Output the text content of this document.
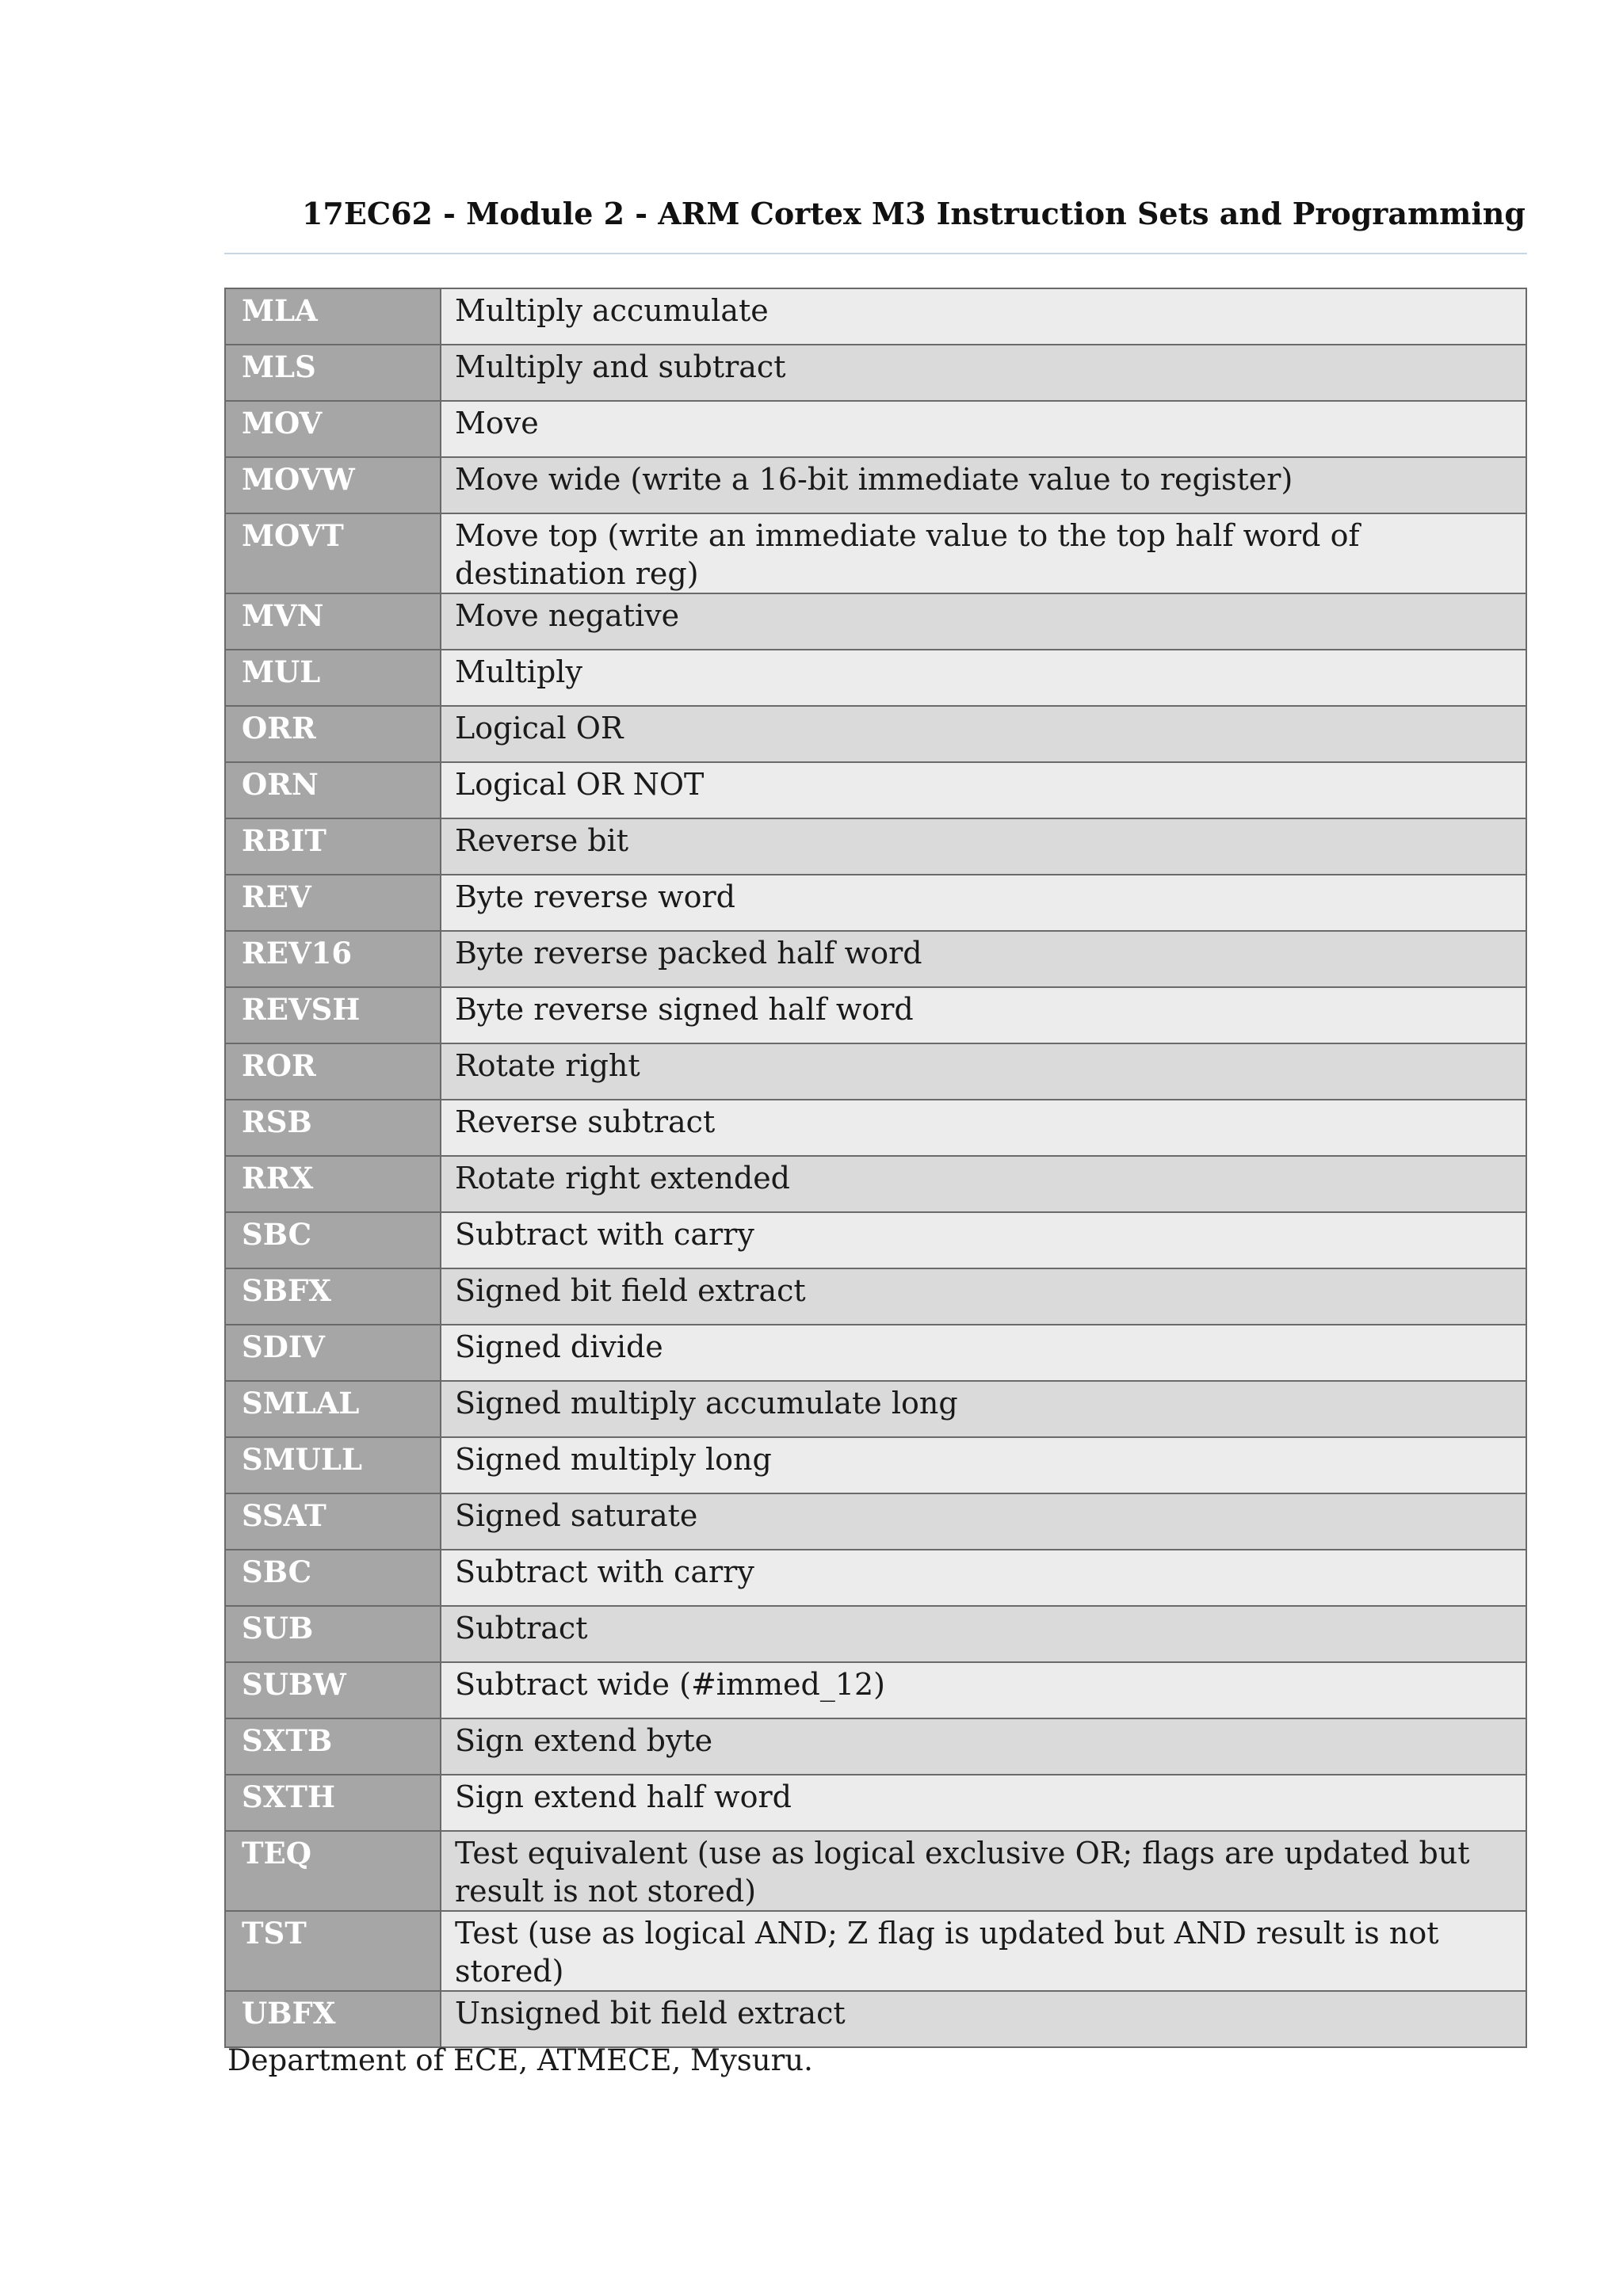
17EC62 - Module 2 - ARM Cortex M3 Instruction Sets and Programming
MLA	Multiply accumulate
MLS	Multiply and subtract
MOV	Move
MOVW	Move wide (write a 16-bit immediate value to register)
MOVT	Move top (write an immediate value to the top half word of destination reg)
MVN	Move negative
MUL	Multiply
ORR	Logical OR
ORN	Logical OR NOT
RBIT	Reverse bit
REV	Byte reverse word
REV16	Byte reverse packed half word
REVSH	Byte reverse signed half word
ROR	Rotate right
RSB	Reverse subtract
RRX	Rotate right extended
SBC	Subtract with carry
SBFX	Signed bit field extract
SDIV	Signed divide
SMLAL	Signed multiply accumulate long
SMULL	Signed multiply long
SSAT	Signed saturate
SBC	Subtract with carry
SUB	Subtract
SUBW	Subtract wide (#immed_12)
SXTB	Sign extend byte
SXTH	Sign extend half word
TEQ	Test equivalent (use as logical exclusive OR; flags are updated but result is not stored)
TST	Test (use as logical AND; Z flag is updated but AND result is not stored)
UBFX	Unsigned bit field extract
Department of ECE, ATMECE, Mysuru.
